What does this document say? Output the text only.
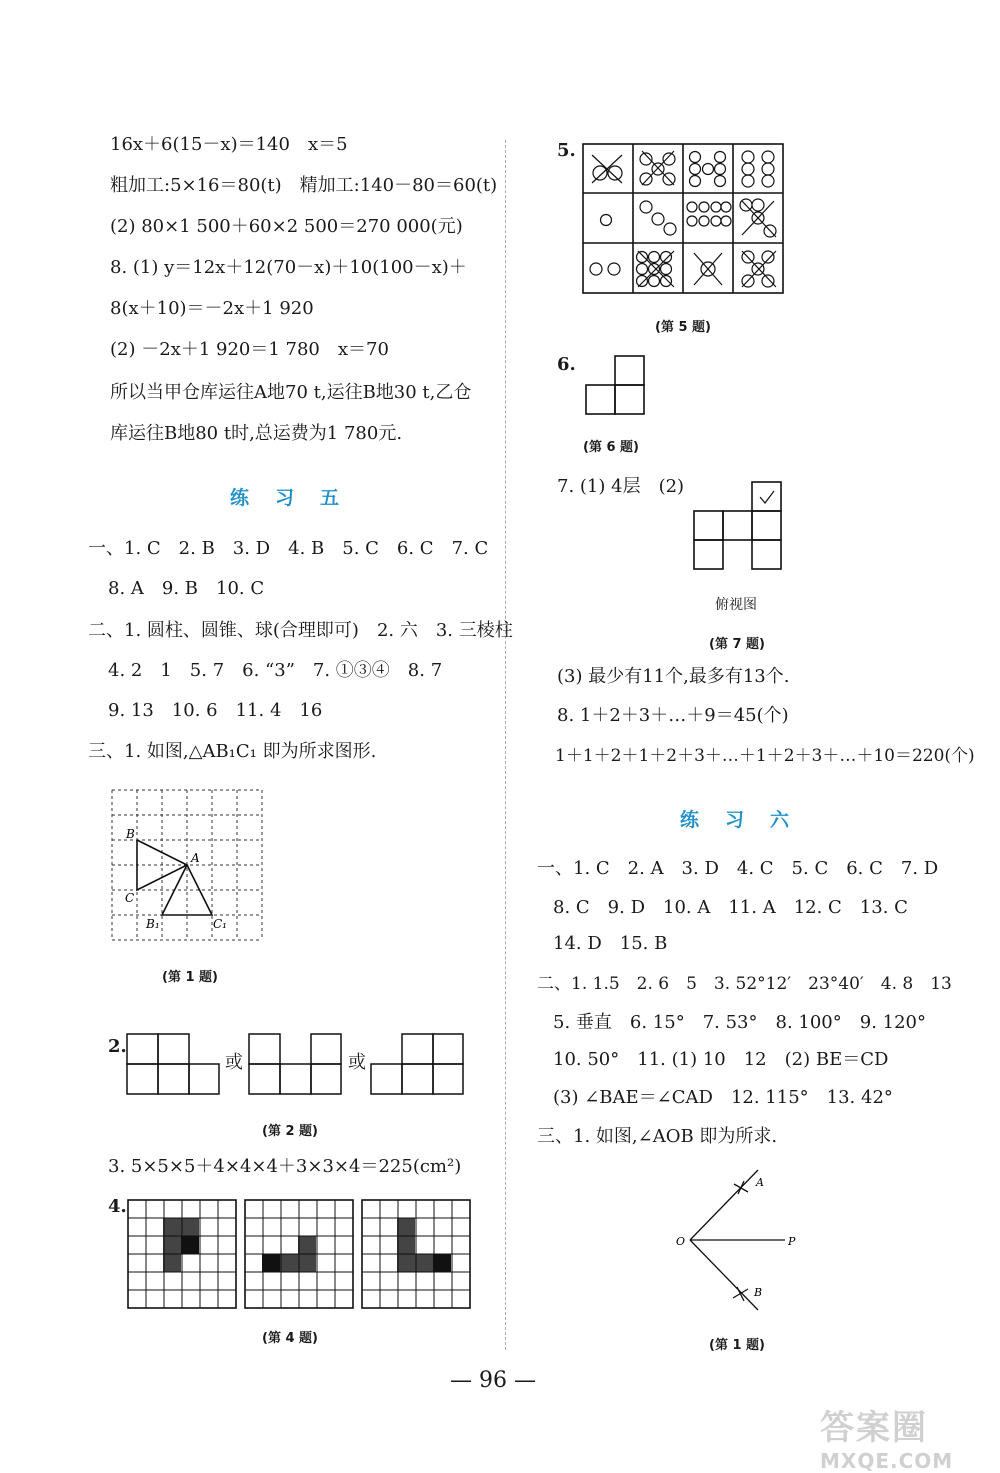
16x＋6(15－x)＝140　x＝5
粗加工:5×16＝80(t)　精加工:140－80＝60(t)
(2) 80×1 500＋60×2 500＝270 000(元)
8. (1) y＝12x＋12(70－x)＋10(100－x)＋
8(x＋10)＝－2x＋1 920
(2) －2x＋1 920＝1 780　x＝70
所以当甲仓库运往A地70 t,运往B地30 t,乙仓
库运往B地80 t时,总运费为1 780元.
练习五
一、1. C　2. B　3. D　4. B　5. C　6. C　7. C
8. A　9. B　10. C
二、1. 圆柱、圆锥、球(合理即可)　2. 六　3. 三棱柱
4. 2　1　5. 7　6. “3”　7. ①③④　8. 7
9. 13　10. 6　11. 4　16
三、1. 如图,△AB₁C₁ 即为所求图形.
B
A
C
B₁	C₁
(第 1 题)
2.
或	或
(第 2 题)
3. 5×5×5＋4×4×4＋3×3×4＝225(cm²)
4.
(第 4 题)
5.
(第 5 题)
6.
(第 6 题)
7. (1) 4层　(2)
俯视图
(第 7 题)
(3) 最少有11个,最多有13个.
8. 1＋2＋3＋…＋9＝45(个)
1＋1＋2＋1＋2＋3＋…＋1＋2＋3＋…＋10＝220(个)
练习六
一、1. C　2. A　3. D　4. C　5. C　6. C　7. D
8. C　9. D　10. A　11. A　12. C　13. C
14. D　15. B
二、1. 1.5　2. 6　5　3. 52°12′　23°40′　4. 8　13
5. 垂直　6. 15°　7. 53°　8. 100°　9. 120°
10. 50°　11. (1) 10　12　(2) BE＝CD
(3) ∠BAE＝∠CAD　12. 115°　13. 42°
三、1. 如图,∠AOB 即为所求.
A
O	P
B
(第 1 题)
— 96 —
答案圈
MXQE.COM
